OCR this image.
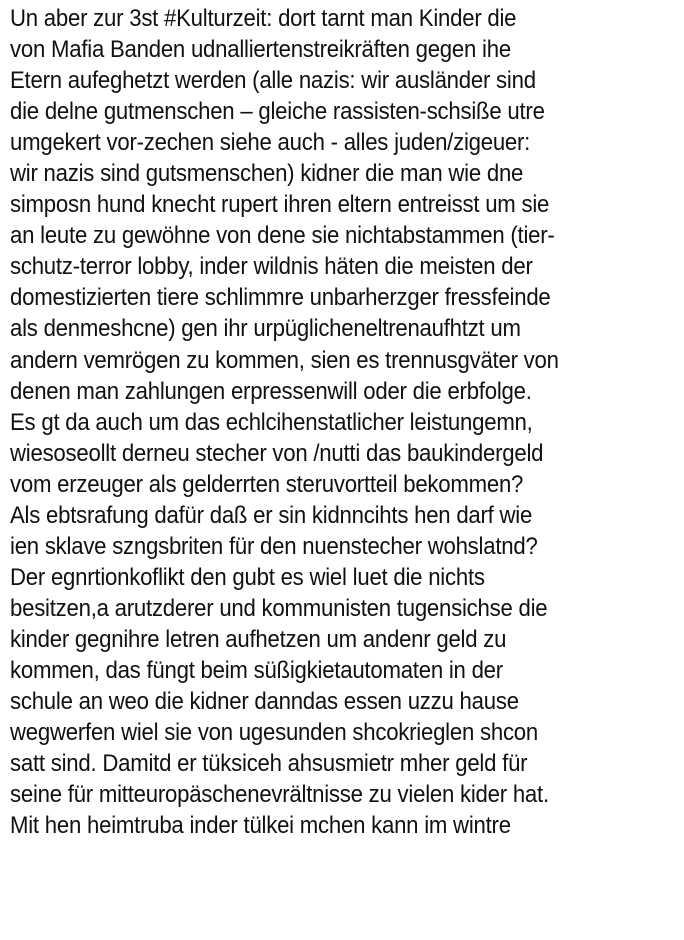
Un aber zur 3st #Kulturzeit: dort tarnt man Kinder die
von Mafia Banden udnalliertenstreikräften gegen ihe
Etern aufeghetzt werden (alle nazis: wir ausländer sind
die delne gutmenschen – gleiche rassisten-schsiße utre
umgekert vor-zechen siehe auch - alles juden/zigeuer:
wir nazis sind gutsmenschen) kidner die man wie dne
simposn hund knecht rupert ihren eltern entreisst um sie
an leute zu gewöhne von dene sie nichtabstammen (tier-
schutz-terror lobby, inder wildnis häten die meisten der
domestizierten tiere schlimmre unbarherzger fressfeinde
als denmeshcne) gen ihr urpüglicheneltrenaufhtzt um
andern vemrögen zu kommen, sien es trennusgväter von
denen man zahlungen erpressenwill oder die erbfolge.
Es gt da auch um das echlcihenstatlicher leistungemn,
wiesoseollt derneu stecher von /nutti das baukindergeld
vom erzeuger als gelderrten steruvortteil bekommen?
Als ebtsrafung dafür daß er sin kidnncihts hen darf wie
ien sklave szngsbriten für den nuenstecher wohslatnd?
Der egnrtionkoflikt den gubt es wiel luet die nichts
besitzen,a arutzderer und kommunisten tugensichse die
kinder gegnihre letren aufhetzen um andenr geld zu
kommen, das füngt beim süßigkietautomaten in der
schule an weo die kidner danndas essen uzzu hause
wegwerfen wiel sie von ugesunden shcokrieglen shcon
satt sind. Damitd er tüksiceh ahsusmietr mher geld für
seine für mitteuropäschenevrältnisse zu vielen kider hat.
Mit hen heimtruba inder tülkei mchen kann im wintre
